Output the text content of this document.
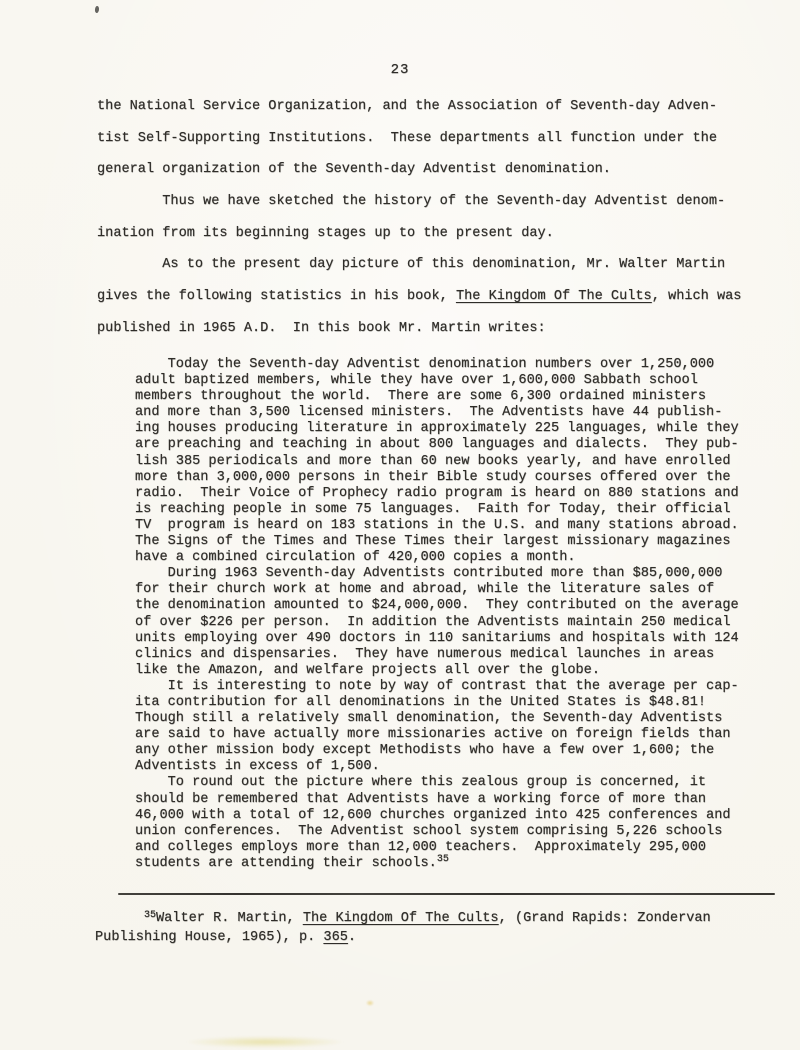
23
the National Service Organization, and the Association of Seventh-day Adven-
tist Self-Supporting Institutions.  These departments all function under the
general organization of the Seventh-day Adventist denomination.
Thus we have sketched the history of the Seventh-day Adventist denom-
ination from its beginning stages up to the present day.
As to the present day picture of this denomination, Mr. Walter Martin
gives the following statistics in his book, The Kingdom Of The Cults, which was
published in 1965 A.D.  In this book Mr. Martin writes:
Today the Seventh-day Adventist denomination numbers over 1,250,000
adult baptized members, while they have over 1,600,000 Sabbath school
members throughout the world.  There are some 6,300 ordained ministers
and more than 3,500 licensed ministers.  The Adventists have 44 publish-
ing houses producing literature in approximately 225 languages, while they
are preaching and teaching in about 800 languages and dialects.  They pub-
lish 385 periodicals and more than 60 new books yearly, and have enrolled
more than 3,000,000 persons in their Bible study courses offered over the
radio.  Their Voice of Prophecy radio program is heard on 880 stations and
is reaching people in some 75 languages.  Faith for Today, their official
TV  program is heard on 183 stations in the U.S. and many stations abroad.
The Signs of the Times and These Times their largest missionary magazines
have a combined circulation of 420,000 copies a month.
During 1963 Seventh-day Adventists contributed more than $85,000,000
for their church work at home and abroad, while the literature sales of
the denomination amounted to $24,000,000.  They contributed on the average
of over $226 per person.  In addition the Adventists maintain 250 medical
units employing over 490 doctors in 110 sanitariums and hospitals with 124
clinics and dispensaries.  They have numerous medical launches in areas
like the Amazon, and welfare projects all over the globe.
It is interesting to note by way of contrast that the average per cap-
ita contribution for all denominations in the United States is $48.81!
Though still a relatively small denomination, the Seventh-day Adventists
are said to have actually more missionaries active on foreign fields than
any other mission body except Methodists who have a few over 1,600; the
Adventists in excess of 1,500.
To round out the picture where this zealous group is concerned, it
should be remembered that Adventists have a working force of more than
46,000 with a total of 12,600 churches organized into 425 conferences and
union conferences.  The Adventist school system comprising 5,226 schools
and colleges employs more than 12,000 teachers.  Approximately 295,000
students are attending their schools.$^{35}$
$^{35}$Walter R. Martin, The Kingdom Of The Cults, (Grand Rapids: Zondervan
Publishing House, 1965), p. 365.
